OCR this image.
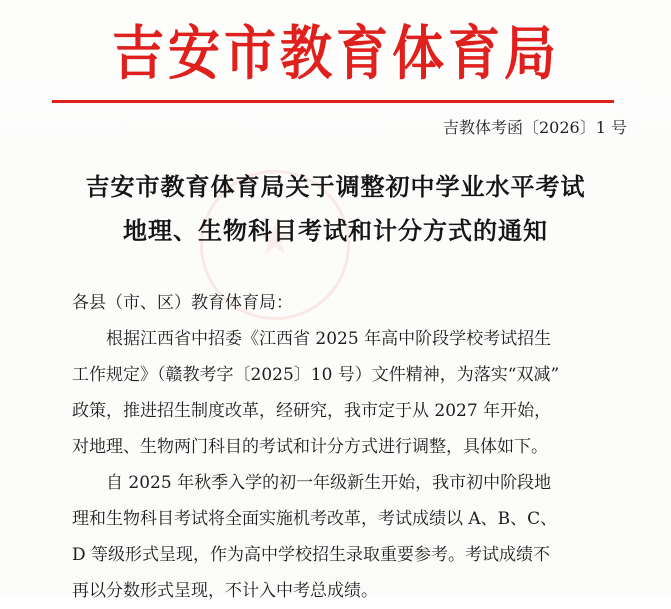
吉安市教育体育局
吉教体考函〔2026〕1 号
吉安市教育体育局关于调整初中学业水平考试
地理、生物科目考试和计分方式的通知
各县（市、区）教育体育局：
根据江西省中招委《江西省 2025 年高中阶段学校考试招生
工作规定》（赣教考字〔2025〕10 号）文件精神，为落实“双减”
政策，推进招生制度改革，经研究，我市定于从 2027 年开始，
对地理、生物两门科目的考试和计分方式进行调整，具体如下。
自 2025 年秋季入学的初一年级新生开始，我市初中阶段地
理和生物科目考试将全面实施机考改革，考试成绩以 A、B、C、
D 等级形式呈现，作为高中学校招生录取重要参考。考试成绩不
再以分数形式呈现，不计入中考总成绩。
